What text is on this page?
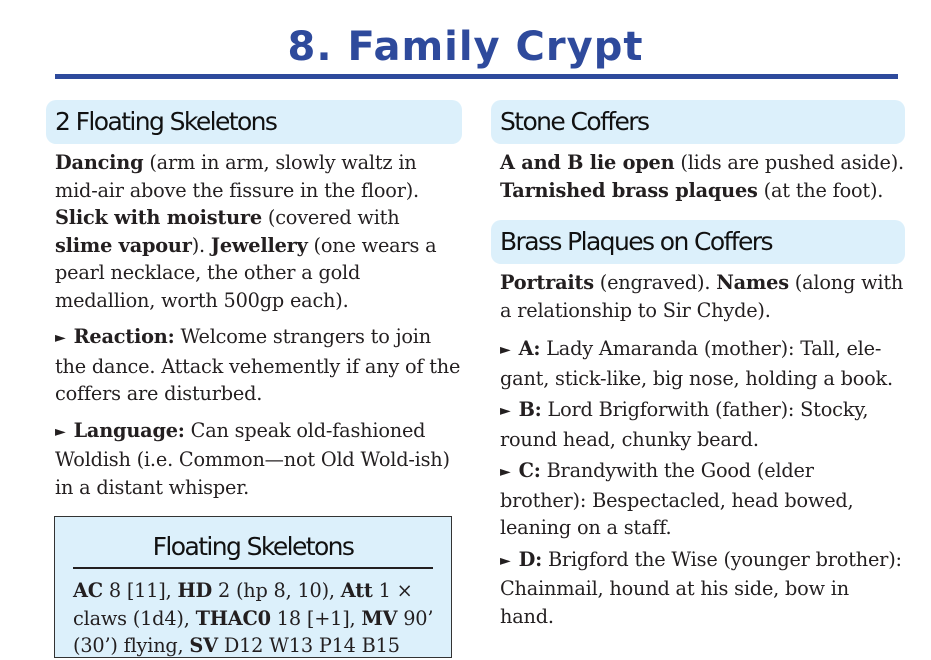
8. Family Crypt
2 Floating Skeletons
Dancing (arm in arm, slowly waltz in mid-air above the fissure in the floor). Slick with moisture (covered with slime vapour). Jewellery (one wears a pearl necklace, the other a gold medallion, worth 500gp each).
► Reaction: Welcome strangers to join the dance. Attack vehemently if any of the coffers are disturbed.
► Language: Can speak old-fashioned Woldish (i.e. Common—not Old Wold-ish) in a distant whisper.
Floating Skeletons
AC 8 [11], HD 2 (hp 8, 10), Att 1 × claws (1d4), THAC0 18 [+1], MV 90’ (30’) flying, SV D12 W13 P14 B15
Stone Coffers
A and B lie open (lids are pushed aside). Tarnished brass plaques (at the foot).
Brass Plaques on Coffers
Portraits (engraved). Names (along with a relationship to Sir Chyde).
► A: Lady Amaranda (mother): Tall, ele-gant, stick-like, big nose, holding a book.
► B: Lord Brigforwith (father): Stocky, round head, chunky beard.
► C: Brandywith the Good (elder brother): Bespectacled, head bowed, leaning on a staff.
► D: Brigford the Wise (younger brother): Chainmail, hound at his side, bow in hand.
